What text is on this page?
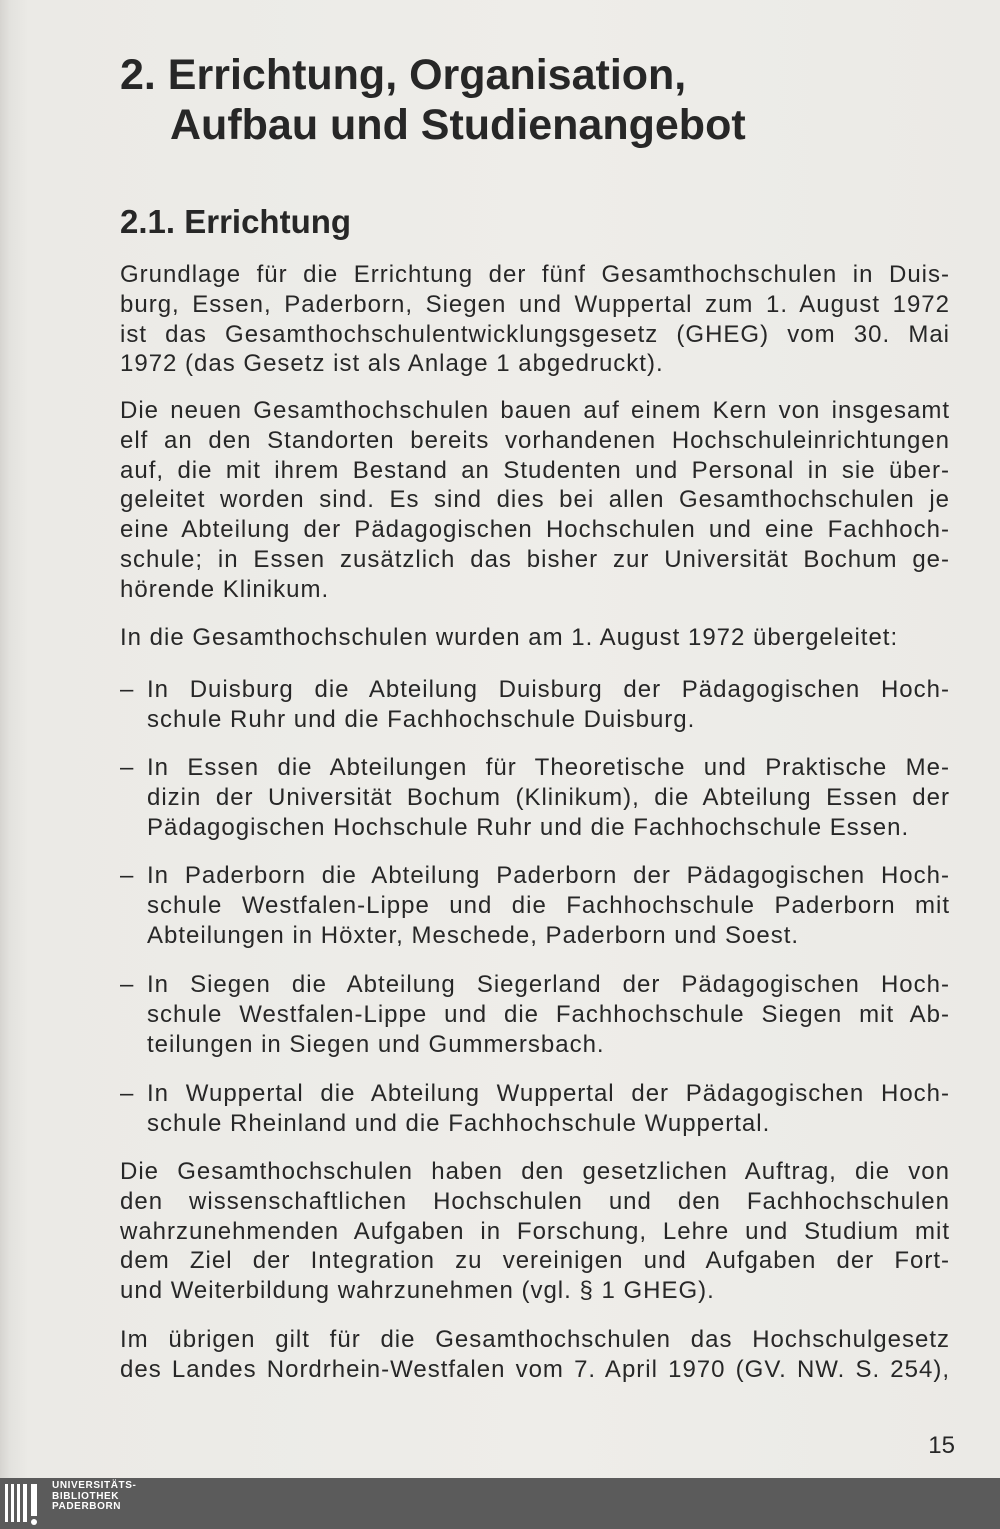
2. Errichtung, Organisation,
Aufbau und Studienangebot
2.1. Errichtung
Grundlage für die Errichtung der fünf Gesamthochschulen in Duis-
burg, Essen, Paderborn, Siegen und Wuppertal zum 1. August 1972
ist das Gesamthochschulentwicklungsgesetz (GHEG) vom 30. Mai
1972 (das Gesetz ist als Anlage 1 abgedruckt).
Die neuen Gesamthochschulen bauen auf einem Kern von insgesamt
elf an den Standorten bereits vorhandenen Hochschuleinrichtungen
auf, die mit ihrem Bestand an Studenten und Personal in sie über-
geleitet worden sind. Es sind dies bei allen Gesamthochschulen je
eine Abteilung der Pädagogischen Hochschulen und eine Fachhoch-
schule; in Essen zusätzlich das bisher zur Universität Bochum ge-
hörende Klinikum.
In die Gesamthochschulen wurden am 1. August 1972 übergeleitet:
– In Duisburg die Abteilung Duisburg der Pädagogischen Hoch-
schule Ruhr und die Fachhochschule Duisburg.
– In Essen die Abteilungen für Theoretische und Praktische Me-
dizin der Universität Bochum (Klinikum), die Abteilung Essen der
Pädagogischen Hochschule Ruhr und die Fachhochschule Essen.
– In Paderborn die Abteilung Paderborn der Pädagogischen Hoch-
schule Westfalen-Lippe und die Fachhochschule Paderborn mit
Abteilungen in Höxter, Meschede, Paderborn und Soest.
– In Siegen die Abteilung Siegerland der Pädagogischen Hoch-
schule Westfalen-Lippe und die Fachhochschule Siegen mit Ab-
teilungen in Siegen und Gummersbach.
– In Wuppertal die Abteilung Wuppertal der Pädagogischen Hoch-
schule Rheinland und die Fachhochschule Wuppertal.
Die Gesamthochschulen haben den gesetzlichen Auftrag, die von
den wissenschaftlichen Hochschulen und den Fachhochschulen
wahrzunehmenden Aufgaben in Forschung, Lehre und Studium mit
dem Ziel der Integration zu vereinigen und Aufgaben der Fort-
und Weiterbildung wahrzunehmen (vgl. § 1 GHEG).
Im übrigen gilt für die Gesamthochschulen das Hochschulgesetz
des Landes Nordrhein-Westfalen vom 7. April 1970 (GV. NW. S. 254),
15
UNIVERSITÄTS-
BIBLIOTHEK
PADERBORN
